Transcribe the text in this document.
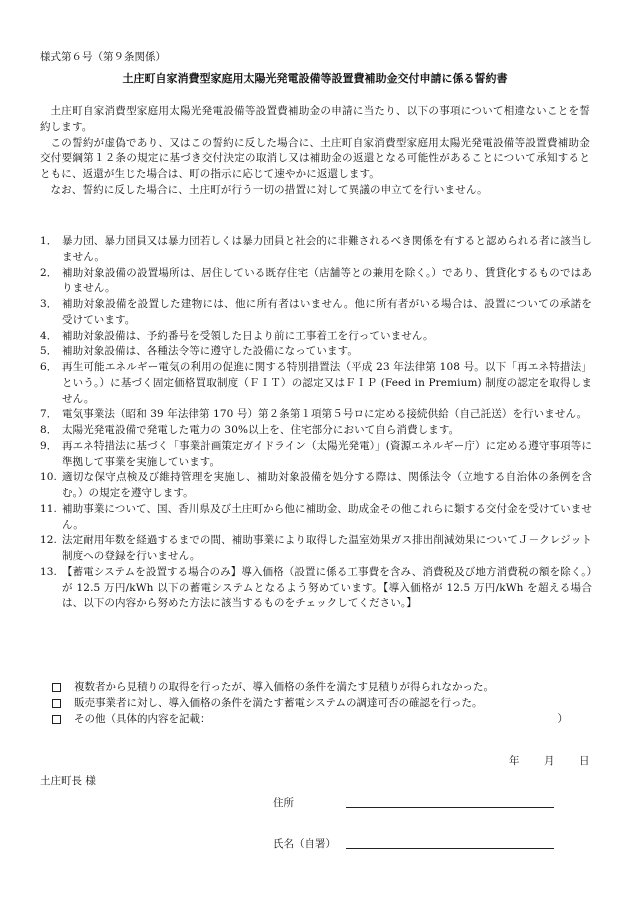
様式第６号（第９条関係）
土庄町自家消費型家庭用太陽光発電設備等設置費補助金交付申請に係る誓約書

土庄町自家消費型家庭用太陽光発電設備等設置費補助金の申請に当たり、以下の事項について相違ないことを誓約します。

この誓約が虚偽であり、又はこの誓約に反した場合に、土庄町自家消費型家庭用太陽光発電設備等設置費補助金交付要綱第１２条の規定に基づき交付決定の取消し又は補助金の返還となる可能性があることについて承知するとともに、返還が生じた場合は、町の指示に応じて速やかに返還します。

なお、誓約に反した場合に、土庄町が行う一切の措置に対して異議の申立てを行いません。

1． 暴力団、暴力団員又は暴力団若しくは暴力団員と社会的に非難されるべき関係を有すると認められる者に該当しません。
2． 補助対象設備の設置場所は、居住している既存住宅（店舗等との兼用を除く。）であり、賃貸化するものではありません。
3． 補助対象設備を設置した建物には、他に所有者はいません。他に所有者がいる場合は、設置についての承諾を受けています。
4． 補助対象設備は、予約番号を受領した日より前に工事着工を行っていません。
5． 補助対象設備は、各種法令等に遵守した設備になっています。
6． 再生可能エネルギー電気の利用の促進に関する特別措置法（平成 23 年法律第 108 号。以下「再エネ特措法」という。）に基づく固定価格買取制度（ＦＩＴ）の認定又はＦＩＰ (Feed in Premium) 制度の認定を取得しません。
7． 電気事業法（昭和 39 年法律第 170 号）第２条第１項第５号ロに定める接続供給（自己託送）を行いません。
8． 太陽光発電設備で発電した電力の 30%以上を、住宅部分において自ら消費します。
9． 再エネ特措法に基づく「事業計画策定ガイドライン（太陽光発電）」(資源エネルギー庁）に定める遵守事項等に準拠して事業を実施しています。
10. 適切な保守点検及び維持管理を実施し、補助対象設備を処分する際は、関係法令（立地する自治体の条例を含む。）の規定を遵守します。
11. 補助事業について、国、香川県及び土庄町から他に補助金、助成金その他これらに類する交付金を受けていません。
12. 法定耐用年数を経過するまでの間、補助事業により取得した温室効果ガス排出削減効果についてＪ－クレジット制度への登録を行いません。
13. 【蓄電システムを設置する場合のみ】導入価格（設置に係る工事費を含み、消費税及び地方消費税の額を除く。）が 12.5 万円/kWh 以下の蓄電システムとなるよう努めています。【導入価格が 12.5 万円/kWh を超える場合は、以下の内容から努めた方法に該当するものをチェックしてください。】
複数者から見積りの取得を行ったが、導入価格の条件を満たす見積りが得られなかった。
販売事業者に対し、導入価格の条件を満たす蓄電システムの調達可否の確認を行った。
その他（具体的内容を記載：	）
年 月 日
土庄町長 様
住所
氏名（自署）
